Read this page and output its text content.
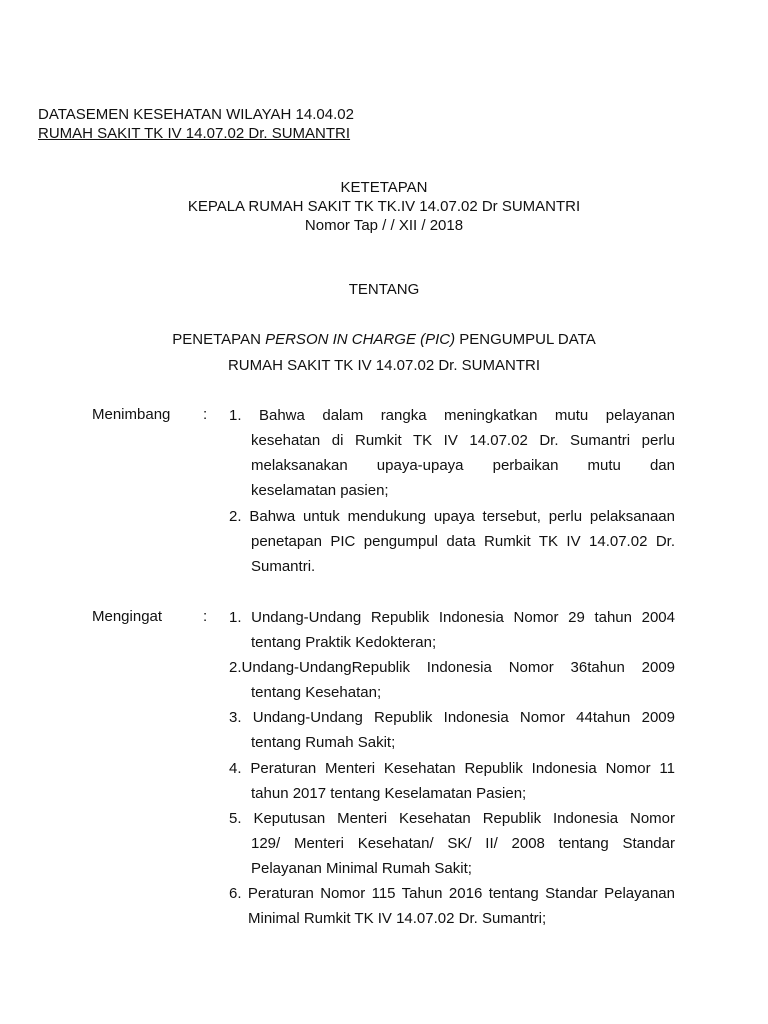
DATASEMEN KESEHATAN WILAYAH 14.04.02
RUMAH SAKIT TK IV 14.07.02 Dr. SUMANTRI
KETETAPAN
KEPALA RUMAH SAKIT TK TK.IV 14.07.02 Dr SUMANTRI
Nomor Tap / / XII / 2018
TENTANG
PENETAPAN PERSON IN CHARGE (PIC) PENGUMPUL DATA
RUMAH SAKIT TK IV 14.07.02 Dr. SUMANTRI
Menimbang : 1. Bahwa dalam rangka meningkatkan mutu pelayanan
kesehatan di Rumkit TK IV 14.07.02 Dr. Sumantri perlu
melaksanakan upaya-upaya perbaikan mutu dan
keselamatan pasien;
2. Bahwa untuk mendukung upaya tersebut, perlu pelaksanaan
penetapan PIC pengumpul data Rumkit TK IV 14.07.02 Dr.
Sumantri.
Mengingat	: 1. Undang-Undang Republik Indonesia Nomor 29 tahun 2004
tentang Praktik Kedokteran;
2.Undang-UndangRepublik Indonesia Nomor 36tahun 2009
tentang Kesehatan;
3. Undang-Undang Republik Indonesia Nomor 44tahun 2009
tentang Rumah Sakit;
4. Peraturan Menteri Kesehatan Republik Indonesia Nomor 11
tahun 2017 tentang Keselamatan Pasien;
5. Keputusan Menteri Kesehatan Republik Indonesia Nomor
129/ Menteri Kesehatan/ SK/ II/ 2008 tentang Standar
Pelayanan Minimal Rumah Sakit;
6. Peraturan Nomor 115 Tahun 2016 tentang Standar Pelayanan
Minimal Rumkit TK IV 14.07.02 Dr. Sumantri;
